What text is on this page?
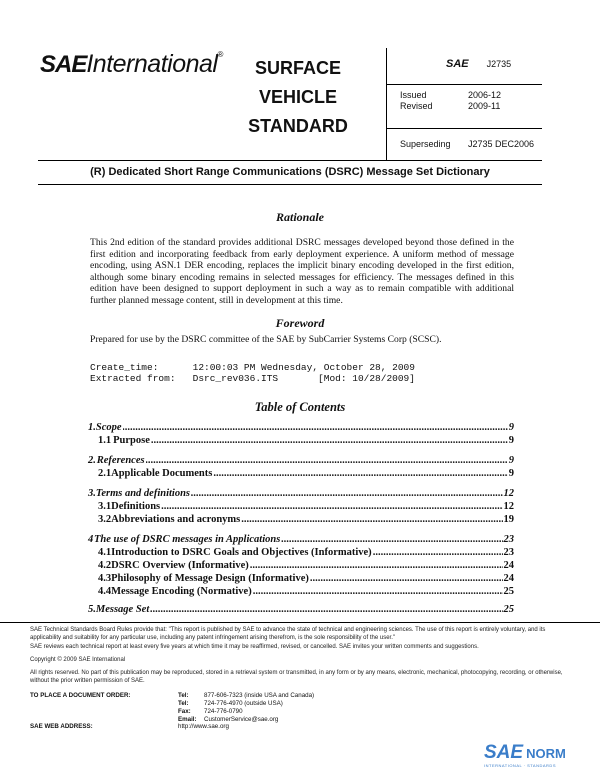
SAEInternational®
SURFACE
VEHICLE
STANDARD
SAE J2735
Issued	2006-12
Revised	2009-11
Superseding J2735 DEC2006
(R) Dedicated Short Range Communications (DSRC) Message Set Dictionary
Rationale
This 2nd edition of the standard provides additional DSRC messages developed beyond those defined in the first edition and incorporating feedback from early deployment experience. A uniform method of message encoding, using ASN.1 DER encoding, replaces the implicit binary encoding developed in the first edition, although some binary encoding remains in selected messages for efficiency. The messages defined in this edition have been designed to support deployment in such a way as to remain compatible with additional further planned message content, still in development at this time.
Foreword
Prepared for use by the DSRC committee of the SAE by SubCarrier Systems Corp (SCSC).
Create_time:      12:00:03 PM Wednesday, October 28, 2009
Extracted from:   Dsrc_rev036.ITS       [Mod: 10/28/2009]
Table of Contents
1. Scope .....	9
1.1 Purpose .....	9
2. References .....	9
2.1 Applicable Documents .....	9
3. Terms and definitions .....	12
3.1 Definitions .....	12
3.2 Abbreviations and acronyms .....	19
4 The use of DSRC messages in Applications .....	23
4.1 Introduction to DSRC Goals and Objectives (Informative) .....	23
4.2 DSRC Overview (Informative) .....	24
4.3 Philosophy of Message Design (Informative) .....	24
4.4 Message Encoding (Normative) .....	25
5. Message Set .....	25
SAE Technical Standards Board Rules provide that: "This report is published by SAE to advance the state of technical and engineering sciences. The use of this report is entirely voluntary, and its applicability and suitability for any particular use, including any patent infringement arising therefrom, is the sole responsibility of the user."
SAE reviews each technical report at least every five years at which time it may be reaffirmed, revised, or cancelled. SAE invites your written comments and suggestions.
Copyright © 2009 SAE International
All rights reserved. No part of this publication may be reproduced, stored in a retrieval system or transmitted, in any form or by any means, electronic, mechanical, photocopying, recording, or otherwise, without the prior written permission of SAE.
TO PLACE A DOCUMENT ORDER:	Tel: 877-606-7323 (inside USA and Canada)
Tel: 724-776-4970 (outside USA)
Fax: 724-776-0790
Email: CustomerService@sae.org
SAE WEB ADDRESS:	http://www.sae.org
SAE NORM
INTERNATIONAL · STANDARDS
